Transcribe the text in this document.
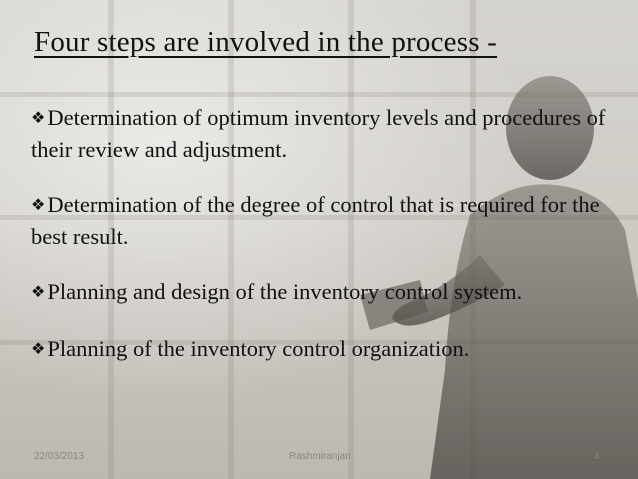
Four steps are involved in the process -
❖Determination of optimum inventory levels and procedures of their review and adjustment.
❖Determination of the degree of control that is required for the best result.
❖Planning and design of the inventory control system.
❖Planning of the inventory control organization.
22/03/2013	Rashmiranjan	4
